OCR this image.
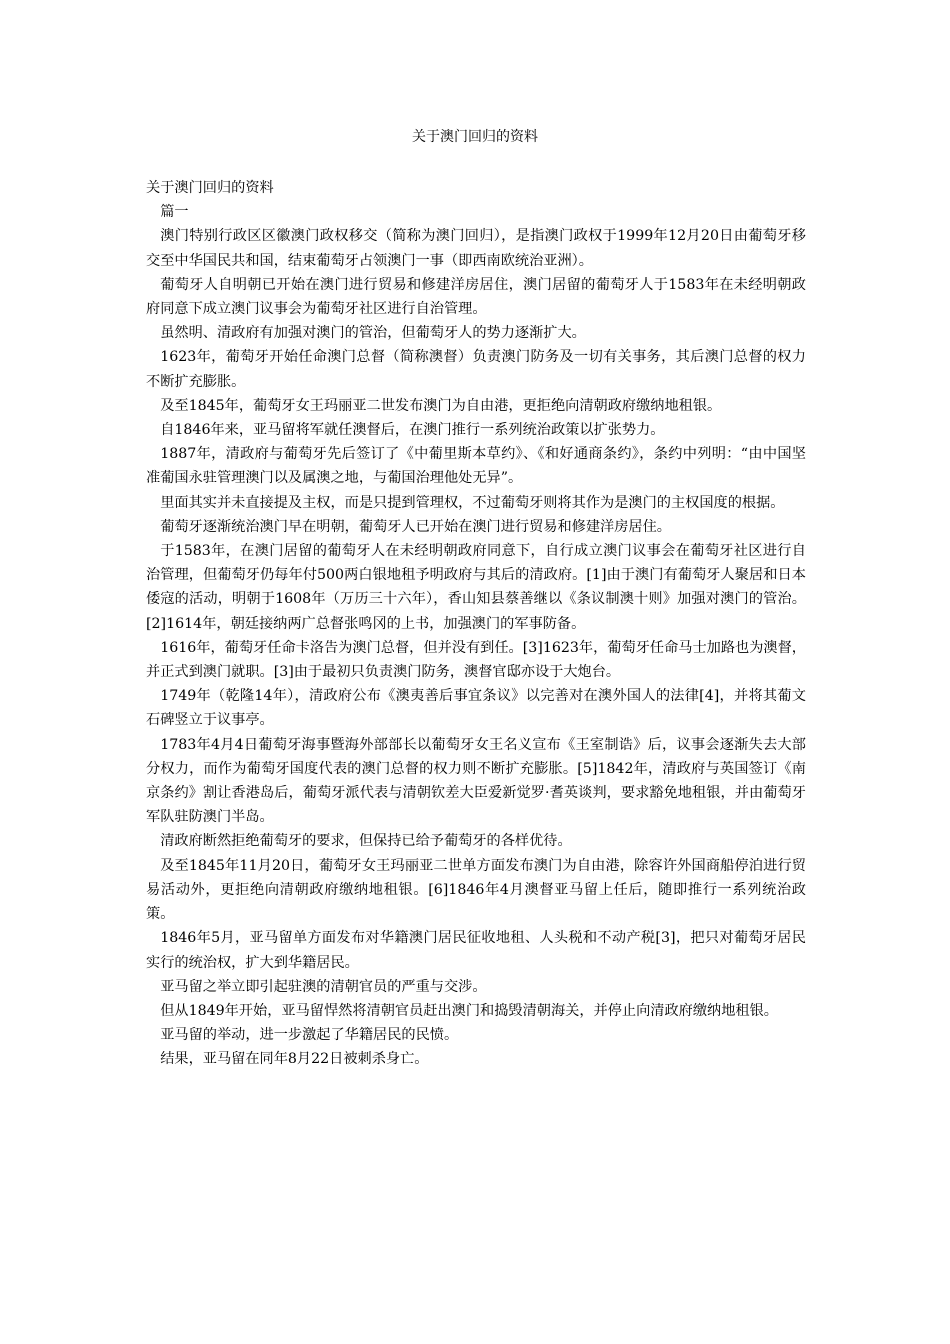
关于澳门回归的资料

关于澳门回归的资料

篇一

澳门特别行政区区徽澳门政权移交（简称为澳门回归），是指澳门政权于1999年12月20日由葡萄牙移交至中华国民共和国，结束葡萄牙占领澳门一事（即西南欧统治亚洲）。

葡萄牙人自明朝已开始在澳门进行贸易和修建洋房居住，澳门居留的葡萄牙人于1583年在未经明朝政府同意下成立澳门议事会为葡萄牙社区进行自治管理。

虽然明、清政府有加强对澳门的管治，但葡萄牙人的势力逐渐扩大。

1623年，葡萄牙开始任命澳门总督（简称澳督）负责澳门防务及一切有关事务，其后澳门总督的权力不断扩充膨胀。

及至1845年，葡萄牙女王玛丽亚二世发布澳门为自由港，更拒绝向清朝政府缴纳地租银。

自1846年来，亚马留将军就任澳督后，在澳门推行一系列统治政策以扩张势力。

1887年，清政府与葡萄牙先后签订了《中葡里斯本草约》、《和好通商条约》，条约中列明：“由中国坚准葡国永驻管理澳门以及属澳之地，与葡国治理他处无异”。

里面其实并未直接提及主权，而是只提到管理权，不过葡萄牙则将其作为是澳门的主权国度的根据。

葡萄牙逐渐统治澳门早在明朝，葡萄牙人已开始在澳门进行贸易和修建洋房居住。

于1583年，在澳门居留的葡萄牙人在未经明朝政府同意下，自行成立澳门议事会在葡萄牙社区进行自治管理，但葡萄牙仍每年付500两白银地租予明政府与其后的清政府。[1]由于澳门有葡萄牙人聚居和日本倭寇的活动，明朝于1608年（万历三十六年），香山知县蔡善继以《条议制澳十则》加强对澳门的管治。[2]1614年，朝廷接纳两广总督张鸣冈的上书，加强澳门的军事防备。

1616年，葡萄牙任命卡洛告为澳门总督，但并没有到任。[3]1623年，葡萄牙任命马士加路也为澳督，并正式到澳门就职。[3]由于最初只负责澳门防务，澳督官邸亦设于大炮台。

1749年（乾隆14年），清政府公布《澳夷善后事宜条议》以完善对在澳外国人的法律[4]，并将其葡文石碑竖立于议事亭。

1783年4月4日葡萄牙海事暨海外部部长以葡萄牙女王名义宣布《王室制诰》后，议事会逐渐失去大部分权力，而作为葡萄牙国度代表的澳门总督的权力则不断扩充膨胀。[5]1842年，清政府与英国签订《南京条约》割让香港岛后，葡萄牙派代表与清朝钦差大臣爱新觉罗·耆英谈判，要求豁免地租银，并由葡萄牙军队驻防澳门半岛。

清政府断然拒绝葡萄牙的要求，但保持已给予葡萄牙的各样优待。

及至1845年11月20日，葡萄牙女王玛丽亚二世单方面发布澳门为自由港，除容许外国商船停泊进行贸易活动外，更拒绝向清朝政府缴纳地租银。[6]1846年4月澳督亚马留上任后，随即推行一系列统治政策。

1846年5月，亚马留单方面发布对华籍澳门居民征收地租、人头税和不动产税[3]，把只对葡萄牙居民实行的统治权，扩大到华籍居民。

亚马留之举立即引起驻澳的清朝官员的严重与交涉。

但从1849年开始，亚马留悍然将清朝官员赶出澳门和捣毁清朝海关，并停止向清政府缴纳地租银。

亚马留的举动，进一步激起了华籍居民的民愤。

结果，亚马留在同年8月22日被刺杀身亡。
